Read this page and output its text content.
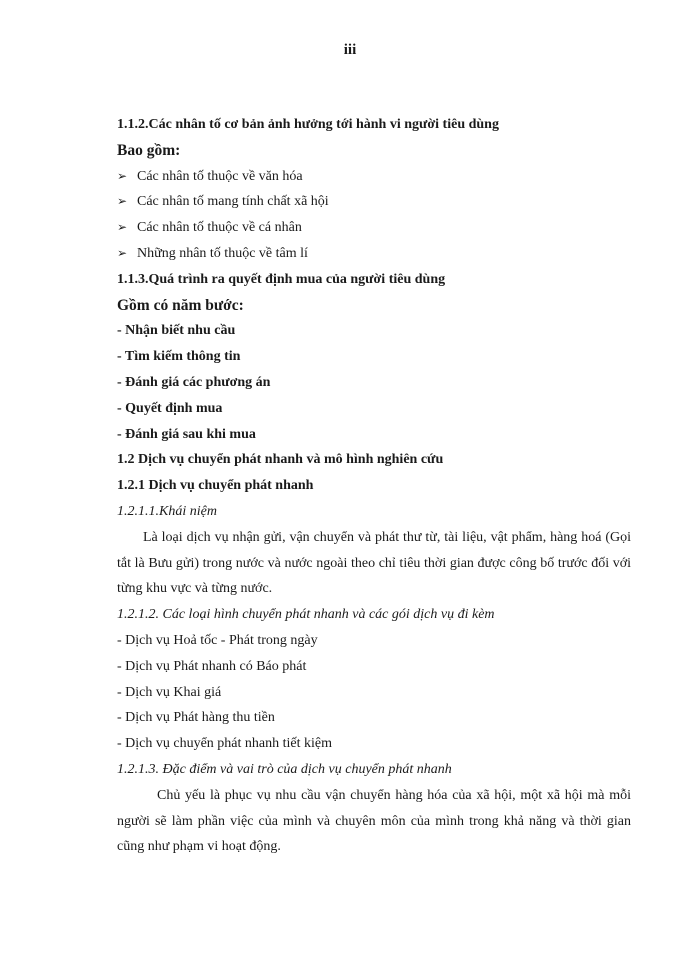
iii
1.1.2.Các nhân tố cơ bản ảnh hưởng tới hành vi người tiêu dùng
Bao gồm:
➢ Các nhân tố thuộc về văn hóa
➢ Các nhân tố mang tính chất xã hội
➢ Các nhân tố thuộc về cá nhân
➢ Những nhân tố thuộc về tâm lí
1.1.3.Quá trình ra quyết định mua của người tiêu dùng
Gồm có năm bước:
- Nhận biết nhu cầu
- Tìm kiếm thông tin
- Đánh giá các phương án
- Quyết định mua
- Đánh giá sau khi mua
1.2 Dịch vụ chuyển phát nhanh và mô hình nghiên cứu
1.2.1 Dịch vụ chuyển phát nhanh
1.2.1.1.Khái niệm

Là loại dịch vụ nhận gửi, vận chuyển và phát thư từ, tài liệu, vật phẩm, hàng hoá (Gọi tắt là Bưu gửi) trong nước và nước ngoài theo chỉ tiêu thời gian được công bố trước đối với từng khu vực và từng nước.

1.2.1.2. Các loại hình chuyển phát nhanh và các gói dịch vụ đi kèm
- Dịch vụ Hoả tốc - Phát trong ngày
- Dịch vụ Phát nhanh có Báo phát
- Dịch vụ Khai giá
- Dịch vụ Phát hàng thu tiền
- Dịch vụ chuyển phát nhanh tiết kiệm
1.2.1.3. Đặc điểm và vai trò của dịch vụ chuyển phát nhanh

Chủ yếu là phục vụ nhu cầu vận chuyển hàng hóa của xã hội, một xã hội mà mỗi người sẽ làm phần việc của mình và chuyên môn của mình trong khả năng và thời gian cũng như phạm vi hoạt động.
